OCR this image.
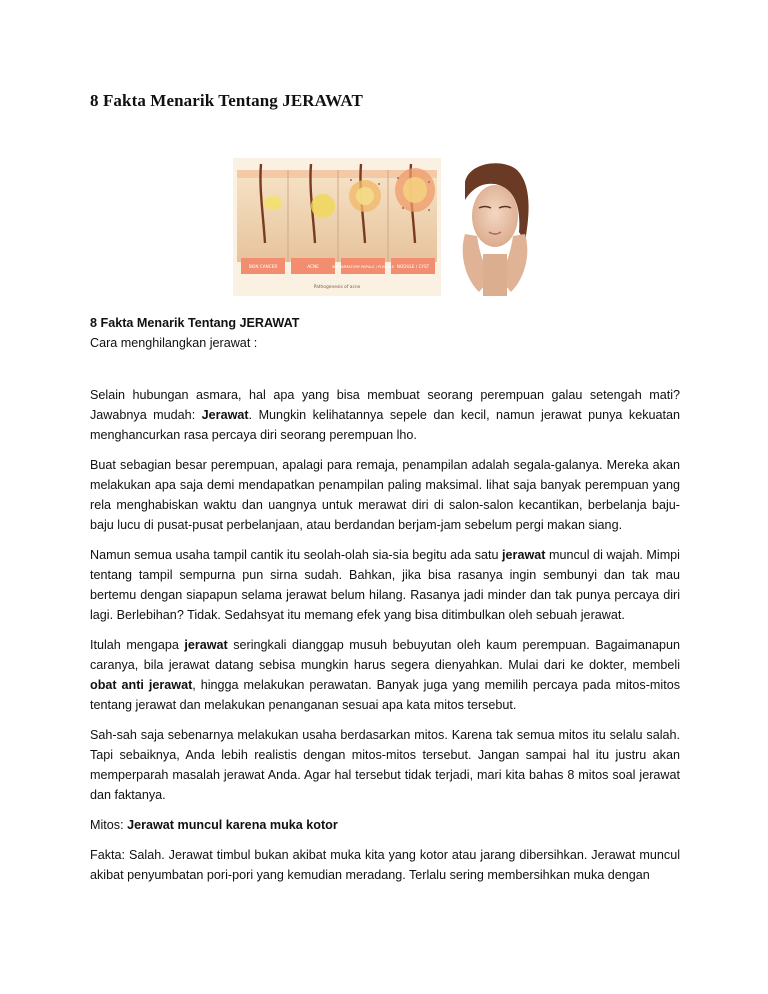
8 Fakta Menarik Tentang JERAWAT
SKIN CANCER	ACNE	INFLAMMATORY PAPULE / PUSTULE NODULE / CYST
Pathogenesis of acne

8 Fakta Menarik Tentang JERAWAT

Cara menghilangkan jerawat :

Selain hubungan asmara, hal apa yang bisa membuat seorang perempuan galau setengah mati? Jawabnya mudah: Jerawat. Mungkin kelihatannya sepele dan kecil, namun jerawat punya kekuatan menghancurkan rasa percaya diri seorang perempuan lho.

Buat sebagian besar perempuan, apalagi para remaja, penampilan adalah segala-galanya. Mereka akan melakukan apa saja demi mendapatkan penampilan paling maksimal. lihat saja banyak perempuan yang rela menghabiskan waktu dan uangnya untuk merawat diri di salon-salon kecantikan, berbelanja baju-baju lucu di pusat-pusat perbelanjaan, atau berdandan berjam-jam sebelum pergi makan siang.

Namun semua usaha tampil cantik itu seolah-olah sia-sia begitu ada satu jerawat muncul di wajah. Mimpi tentang tampil sempurna pun sirna sudah. Bahkan, jika bisa rasanya ingin sembunyi dan tak mau bertemu dengan siapapun selama jerawat belum hilang. Rasanya jadi minder dan tak punya percaya diri lagi. Berlebihan? Tidak. Sedahsyat itu memang efek yang bisa ditimbulkan oleh sebuah jerawat.

Itulah mengapa jerawat seringkali dianggap musuh bebuyutan oleh kaum perempuan. Bagaimanapun caranya, bila jerawat datang sebisa mungkin harus segera dienyahkan. Mulai dari ke dokter, membeli obat anti jerawat, hingga melakukan perawatan. Banyak juga yang memilih percaya pada mitos-mitos tentang jerawat dan melakukan penanganan sesuai apa kata mitos tersebut.

Sah-sah saja sebenarnya melakukan usaha berdasarkan mitos. Karena tak semua mitos itu selalu salah. Tapi sebaiknya, Anda lebih realistis dengan mitos-mitos tersebut. Jangan sampai hal itu justru akan memperparah masalah jerawat Anda. Agar hal tersebut tidak terjadi, mari kita bahas 8 mitos soal jerawat dan faktanya.

Mitos: Jerawat muncul karena muka kotor

Fakta: Salah. Jerawat timbul bukan akibat muka kita yang kotor atau jarang dibersihkan. Jerawat muncul akibat penyumbatan pori-pori yang kemudian meradang. Terlalu sering membersihkan muka dengan
